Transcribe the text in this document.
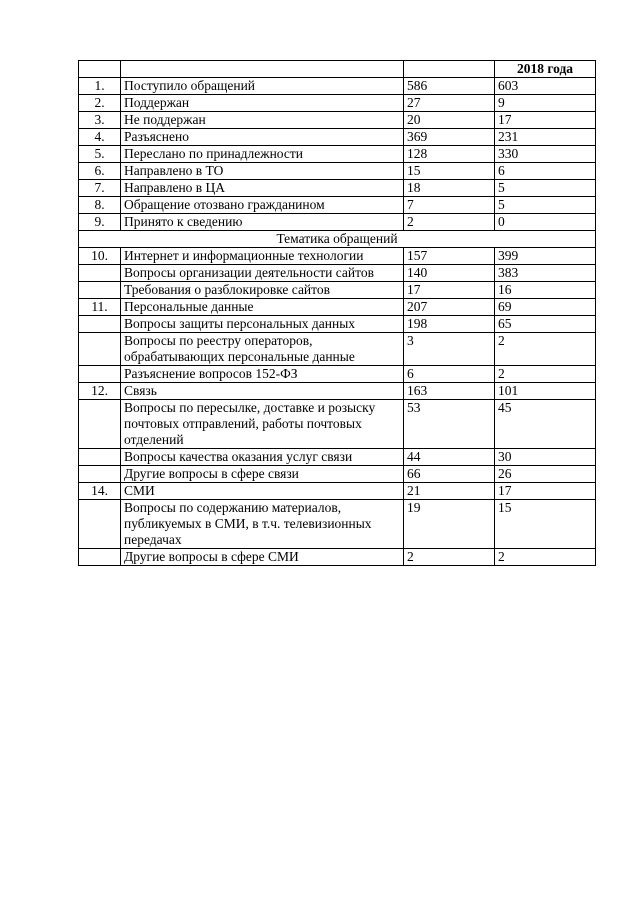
			2018 года
1.	Поступило обращений	586	603
2.	Поддержан	27	9
3.	Не поддержан	20	17
4.	Разъяснено	369	231
5.	Переслано по принадлежности	128	330
6.	Направлено в ТО	15	6
7.	Направлено в ЦА	18	5
8.	Обращение отозвано гражданином	7	5
9.	Принято к сведению	2	0
Тематика обращений			
10.	Интернет и информационные технологии	157	399
	Вопросы организации деятельности сайтов	140	383
	Требования о разблокировке сайтов	17	16
11.	Персональные данные	207	69
	Вопросы защиты персональных данных	198	65
	Вопросы по реестру операторов, обрабатывающих персональные данные	3	2
	Разъяснение вопросов 152-ФЗ	6	2
12.	Связь	163	101
	Вопросы по пересылке, доставке и розыску почтовых отправлений, работы почтовых отделений	53	45
	Вопросы качества оказания услуг связи	44	30
	Другие вопросы в сфере связи	66	26
14.	СМИ	21	17
	Вопросы по содержанию материалов, публикуемых в СМИ, в т.ч. телевизионных передачах	19	15
	Другие вопросы в сфере СМИ	2	2
